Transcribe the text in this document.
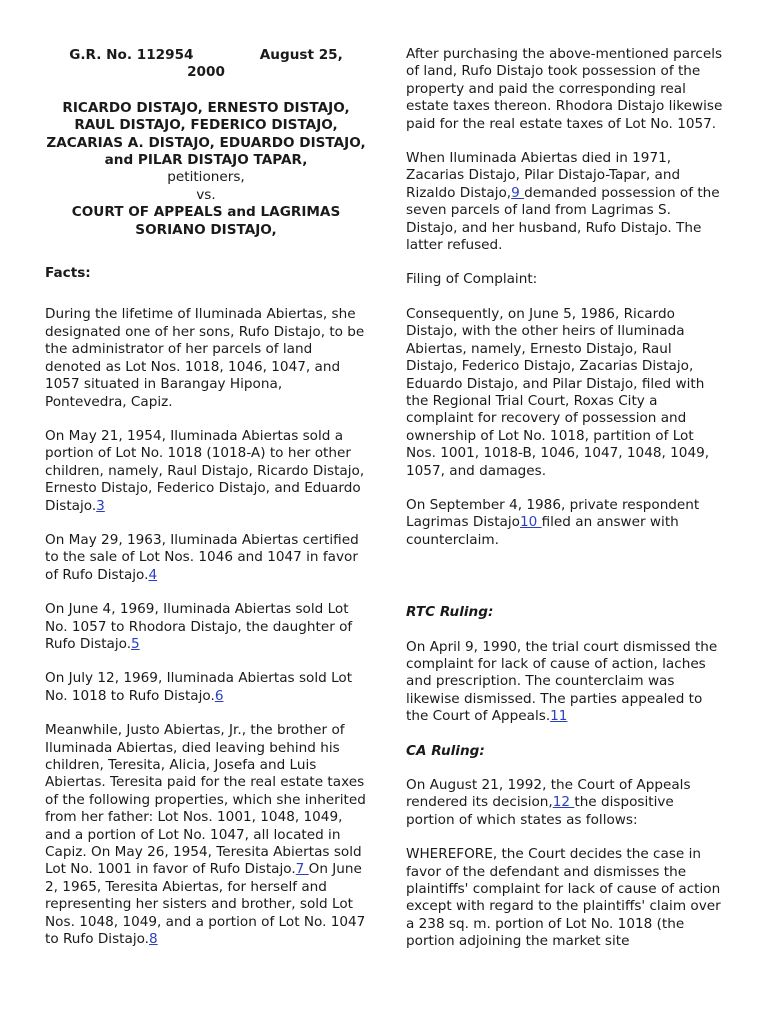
G.R. No. 112954              August 25,
2000
RICARDO DISTAJO, ERNESTO DISTAJO, RAUL DISTAJO, FEDERICO DISTAJO, ZACARIAS A. DISTAJO, EDUARDO DISTAJO, and PILAR DISTAJO TAPAR,
petitioners,
vs.
COURT OF APPEALS and LAGRIMAS SORIANO DISTAJO,
Facts:

During the lifetime of Iluminada Abiertas, she designated one of her sons, Rufo Distajo, to be the administrator of her parcels of land denoted as Lot Nos. 1018, 1046, 1047, and 1057 situated in Barangay Hipona, Pontevedra, Capiz.

On May 21, 1954, Iluminada Abiertas sold a portion of Lot No. 1018 (1018-A) to her other children, namely, Raul Distajo, Ricardo Distajo, Ernesto Distajo, Federico Distajo, and Eduardo Distajo.3

On May 29, 1963, Iluminada Abiertas certified to the sale of Lot Nos. 1046 and 1047 in favor of Rufo Distajo.4

On June 4, 1969, Iluminada Abiertas sold Lot No. 1057 to Rhodora Distajo, the daughter of Rufo Distajo.5

On July 12, 1969, Iluminada Abiertas sold Lot No. 1018 to Rufo Distajo.6

Meanwhile, Justo Abiertas, Jr., the brother of Iluminada Abiertas, died leaving behind his children, Teresita, Alicia, Josefa and Luis Abiertas. Teresita paid for the real estate taxes of the following properties, which she inherited from her father: Lot Nos. 1001, 1048, 1049, and a portion of Lot No. 1047, all located in Capiz. On May 26, 1954, Teresita Abiertas sold Lot No. 1001 in favor of Rufo Distajo.7 On June 2, 1965, Teresita Abiertas, for herself and representing her sisters and brother, sold Lot Nos. 1048, 1049, and a portion of Lot No. 1047 to Rufo Distajo.8

After purchasing the above-mentioned parcels of land, Rufo Distajo took possession of the property and paid the corresponding real estate taxes thereon. Rhodora Distajo likewise paid for the real estate taxes of Lot No. 1057.

When Iluminada Abiertas died in 1971, Zacarias Distajo, Pilar Distajo-Tapar, and Rizaldo Distajo,9 demanded possession of the seven parcels of land from Lagrimas S. Distajo, and her husband, Rufo Distajo. The latter refused.

Filing of Complaint:

Consequently, on June 5, 1986, Ricardo Distajo, with the other heirs of Iluminada Abiertas, namely, Ernesto Distajo, Raul Distajo, Federico Distajo, Zacarias Distajo, Eduardo Distajo, and Pilar Distajo, filed with the Regional Trial Court, Roxas City a complaint for recovery of possession and ownership of Lot No. 1018, partition of Lot Nos. 1001, 1018-B, 1046, 1047, 1048, 1049, 1057, and damages.

On September 4, 1986, private respondent Lagrimas Distajo10 filed an answer with counterclaim.

RTC Ruling:

On April 9, 1990, the trial court dismissed the complaint for lack of cause of action, laches and prescription. The counterclaim was likewise dismissed. The parties appealed to the Court of Appeals.11

CA Ruling:

On August 21, 1992, the Court of Appeals rendered its decision,12 the dispositive portion of which states as follows:

WHEREFORE, the Court decides the case in favor of the defendant and dismisses the plaintiffs' complaint for lack of cause of action except with regard to the plaintiffs' claim over a 238 sq. m. portion of Lot No. 1018 (the portion adjoining the market site
